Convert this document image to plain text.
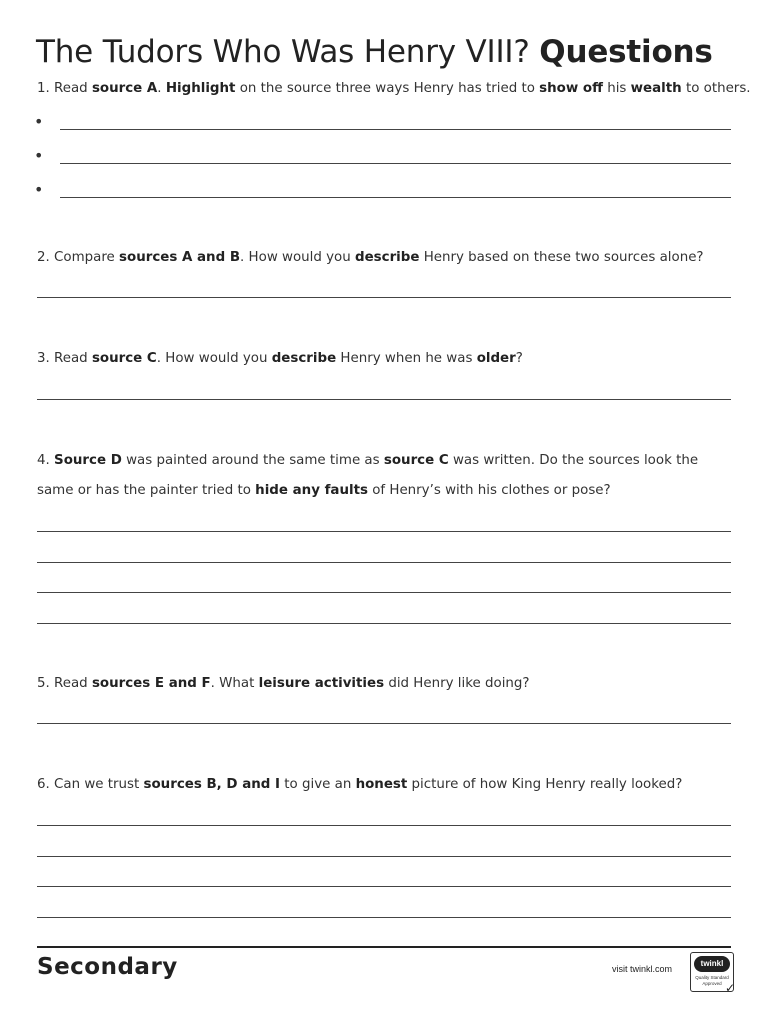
The Tudors Who Was Henry VIII? Questions
1. Read source A. Highlight on the source three ways Henry has tried to show off his wealth to others.
•
•
•
2. Compare sources A and B. How would you describe Henry based on these two sources alone?
3. Read source C. How would you describe Henry when he was older?
4. Source D was painted around the same time as source C was written. Do the sources look the same or has the painter tried to hide any faults of Henry’s with his clothes or pose?
5. Read sources E and F. What leisure activities did Henry like doing?
6. Can we trust sources B, D and I to give an honest picture of how King Henry really looked?
Secondary	visit twinkl.com
twinkl
Quality Standard Approved ✓
